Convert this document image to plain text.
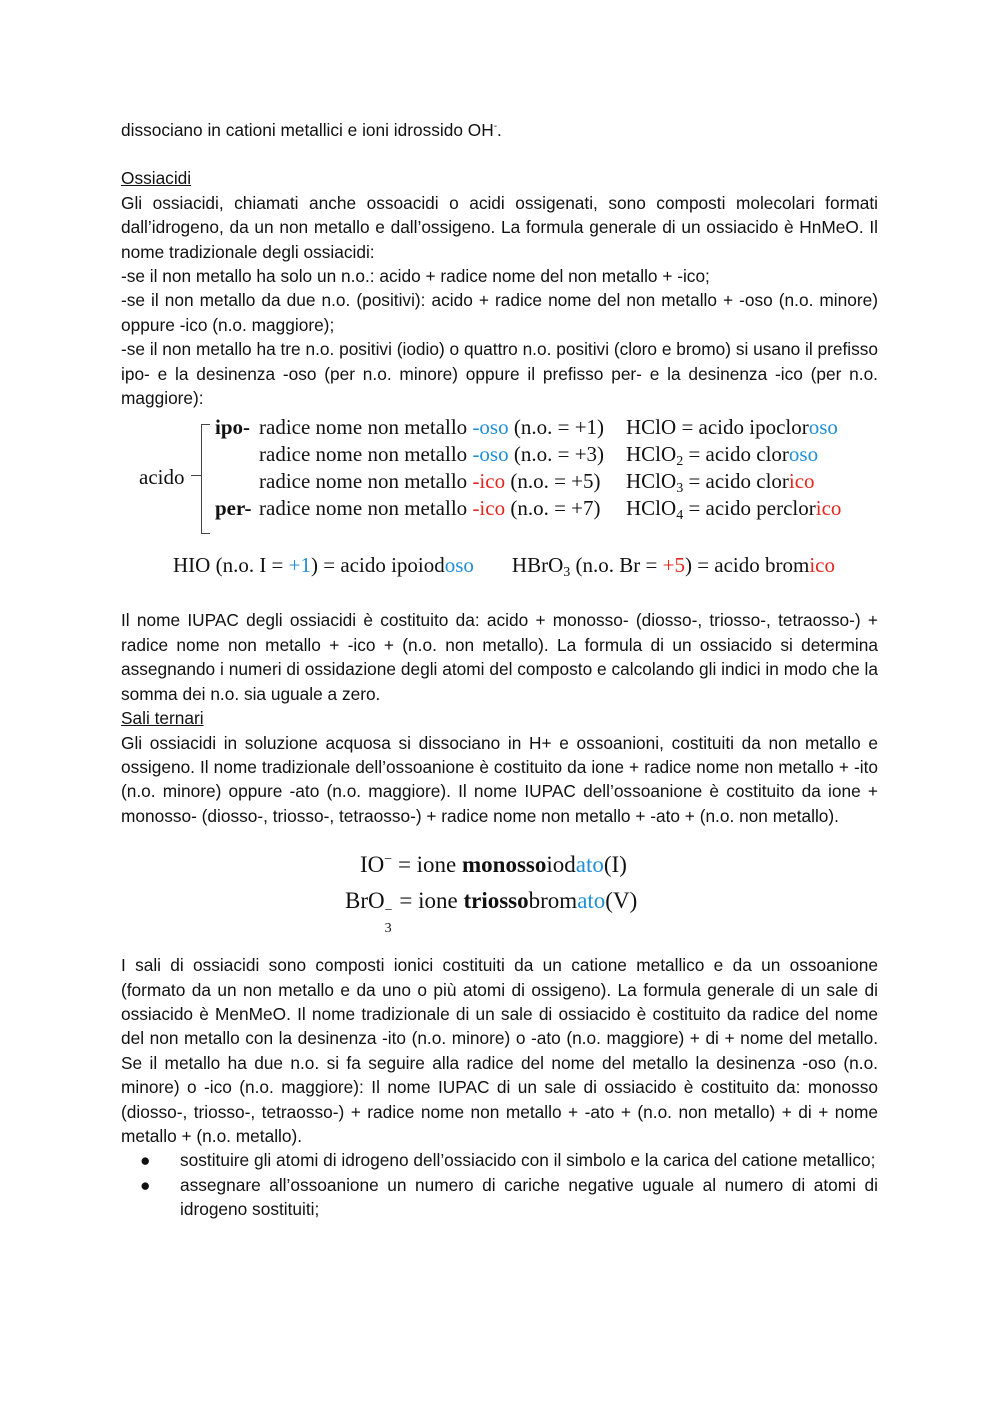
dissociano in cationi metallici e ioni idrossido OH-.

Ossiacidi

Gli ossiacidi, chiamati anche ossoacidi o acidi ossigenati, sono composti molecolari formati dall’idrogeno, da un non metallo e dall’ossigeno. La formula generale di un ossiacido è HnMeO. Il nome tradizionale degli ossiacidi:

-se il non metallo ha solo un n.o.: acido + radice nome del non metallo + -ico;

-se il non metallo da due n.o. (positivi): acido + radice nome del non metallo + -oso (n.o. minore) oppure -ico (n.o. maggiore);

-se il non metallo ha tre n.o. positivi (iodio) o quattro n.o. positivi (cloro e bromo) si usano il prefisso ipo- e la desinenza -oso (per n.o. minore) oppure il prefisso per- e la desinenza -ico (per n.o. maggiore):

acido
ipo- radice nome non metallo -oso (n.o. = +1) HClO = acido ipocloroso
radice nome non metallo -oso (n.o. = +3) HClO$_2$ = acido cloroso
radice nome non metallo -ico (n.o. = +5) HClO$_3$ = acido clorico
per- radice nome non metallo -ico (n.o. = +7) HClO$_4$ = acido perclorico
HIO (n.o. I = +1) = acido ipoiodoso HBrO$_3$ (n.o. Br = +5) = acido bromico

Il nome IUPAC degli ossiacidi è costituito da: acido + monosso- (diosso-, triosso-, tetraosso-) + radice nome non metallo + -ico + (n.o. non metallo). La formula di un ossiacido si determina assegnando i numeri di ossidazione degli atomi del composto e calcolando gli indici in modo che la somma dei n.o. sia uguale a zero.

Sali ternari

Gli ossiacidi in soluzione acquosa si dissociano in H+ e ossoanioni, costituiti da non metallo e ossigeno. Il nome tradizionale dell’ossoanione è costituito da ione + radice nome non metallo + -ito (n.o. minore) oppure -ato (n.o. maggiore). Il nome IUPAC dell’ossoanione è costituito da ione + monosso- (diosso-, triosso-, tetraosso-) + radice nome non metallo + -ato + (n.o. non metallo).

IO− = ione monossoiodato(I)
BrO −
3
= ione triossobromato(V)

I sali di ossiacidi sono composti ionici costituiti da un catione metallico e da un ossoanione (formato da un non metallo e da uno o più atomi di ossigeno). La formula generale di un sale di ossiacido è MenMeO. Il nome tradizionale di un sale di ossiacido è costituito da radice del nome del non metallo con la desinenza -ito (n.o. minore) o -ato (n.o. maggiore) + di + nome del metallo. Se il metallo ha due n.o. si fa seguire alla radice del nome del metallo la desinenza -oso (n.o. minore) o -ico (n.o. maggiore): Il nome IUPAC di un sale di ossiacido è costituito da: monosso (diosso-, triosso-, tetraosso-) + radice nome non metallo + -ato + (n.o. non metallo) + di + nome metallo + (n.o. metallo).

● sostituire gli atomi di idrogeno dell’ossiacido con il simbolo e la carica del catione metallico;
● assegnare all’ossoanione un numero di cariche negative uguale al numero di atomi di idrogeno sostituiti;
